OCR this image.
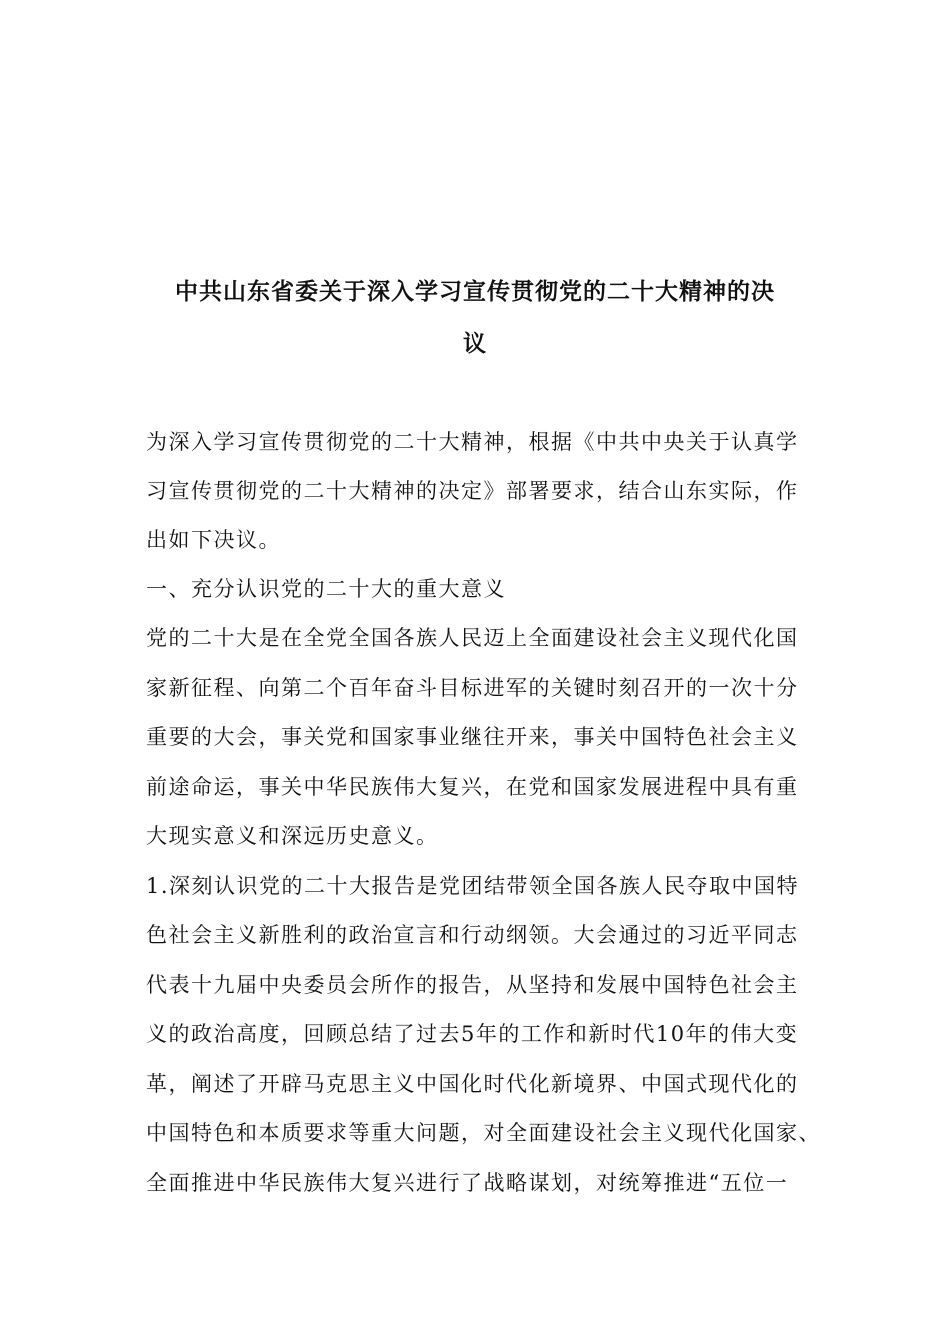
中共山东省委关于深入学习宣传贯彻党的二十大精神的决
议
为深入学习宣传贯彻党的二十大精神，根据《中共中央关于认真学
习宣传贯彻党的二十大精神的决定》部署要求，结合山东实际，作
出如下决议。
一、充分认识党的二十大的重大意义
党的二十大是在全党全国各族人民迈上全面建设社会主义现代化国
家新征程、向第二个百年奋斗目标进军的关键时刻召开的一次十分
重要的大会，事关党和国家事业继往开来，事关中国特色社会主义
前途命运，事关中华民族伟大复兴，在党和国家发展进程中具有重
大现实意义和深远历史意义。
1.深刻认识党的二十大报告是党团结带领全国各族人民夺取中国特
色社会主义新胜利的政治宣言和行动纲领。大会通过的习近平同志
代表十九届中央委员会所作的报告，从坚持和发展中国特色社会主
义的政治高度，回顾总结了过去5年的工作和新时代10年的伟大变
革，阐述了开辟马克思主义中国化时代化新境界、中国式现代化的
中国特色和本质要求等重大问题，对全面建设社会主义现代化国家、
全面推进中华民族伟大复兴进行了战略谋划，对统筹推进“五位一
